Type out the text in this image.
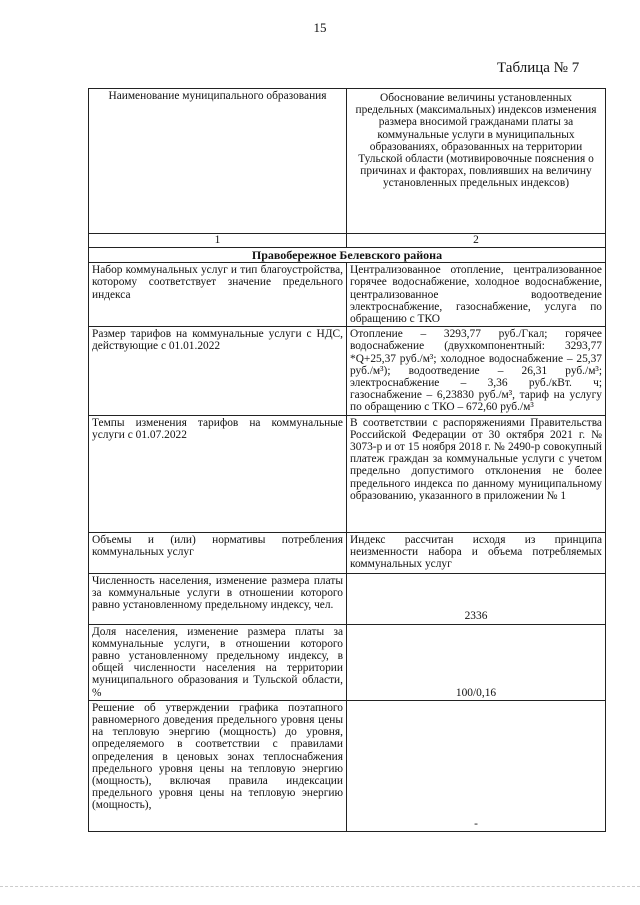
15
Таблица № 7
Наименование муниципального образования	Обоснование величины установленных предельных (максимальных) индексов изменения размера вносимой гражданами платы за коммунальные услуги в муниципальных образованиях, образованных на территории Тульской области (мотивировочные пояснения о причинах и факторах, повлиявших на величину установленных предельных индексов)
1	2
Правобережное Белевского района	
Набор коммунальных услуг и тип благоустройства, которому соответствует значение предельного индекса	Централизованное отопление, централизованное горячее водоснабжение, холодное водоснабжение, централизованное водоотведение электроснабжение, газоснабжение, услуга по обращению с ТКО
Размер тарифов на коммунальные услуги с НДС, действующие с 01.01.2022	Отопление – 3293,77 руб./Гкал; горячее водоснабжение (двухкомпонентный: 3293,77 *Q+25,37 руб./м³; холодное водоснабжение – 25,37 руб./м³); водоотведение – 26,31 руб./м³; электроснабжение – 3,36 руб./кВт. ч; газоснабжение – 6,23830 руб./м³, тариф на услугу по обращению с ТКО – 672,60 руб./м³
Темпы изменения тарифов на коммунальные услуги с 01.07.2022	В соответствии с распоряжениями Правительства Российской Федерации от 30 октября 2021 г. № 3073-р и от 15 ноября 2018 г. № 2490-р совокупный платеж граждан за коммунальные услуги с учетом предельно допустимого отклонения не более предельного индекса по данному муниципальному образованию, указанного в приложении № 1
Объемы и (или) нормативы потребления коммунальных услуг	Индекс рассчитан исходя из принципа неизменности набора и объема потребляемых коммунальных услуг
Численность населения, изменение размера платы за коммунальные услуги в отношении которого равно установленному предельному индексу, чел.	2336
Доля населения, изменение размера платы за коммунальные услуги, в отношении которого равно установленному предельному индексу, в общей численности населения на территории муниципального образования и Тульской области, %	100/0,16
Решение об утверждении графика поэтапного равномерного доведения предельного уровня цены на тепловую энергию (мощность) до уровня, определяемого в соответствии с правилами определения в ценовых зонах теплоснабжения предельного уровня цены на тепловую энергию (мощность), включая правила индексации предельного уровня цены на тепловую энергию (мощность),	-
